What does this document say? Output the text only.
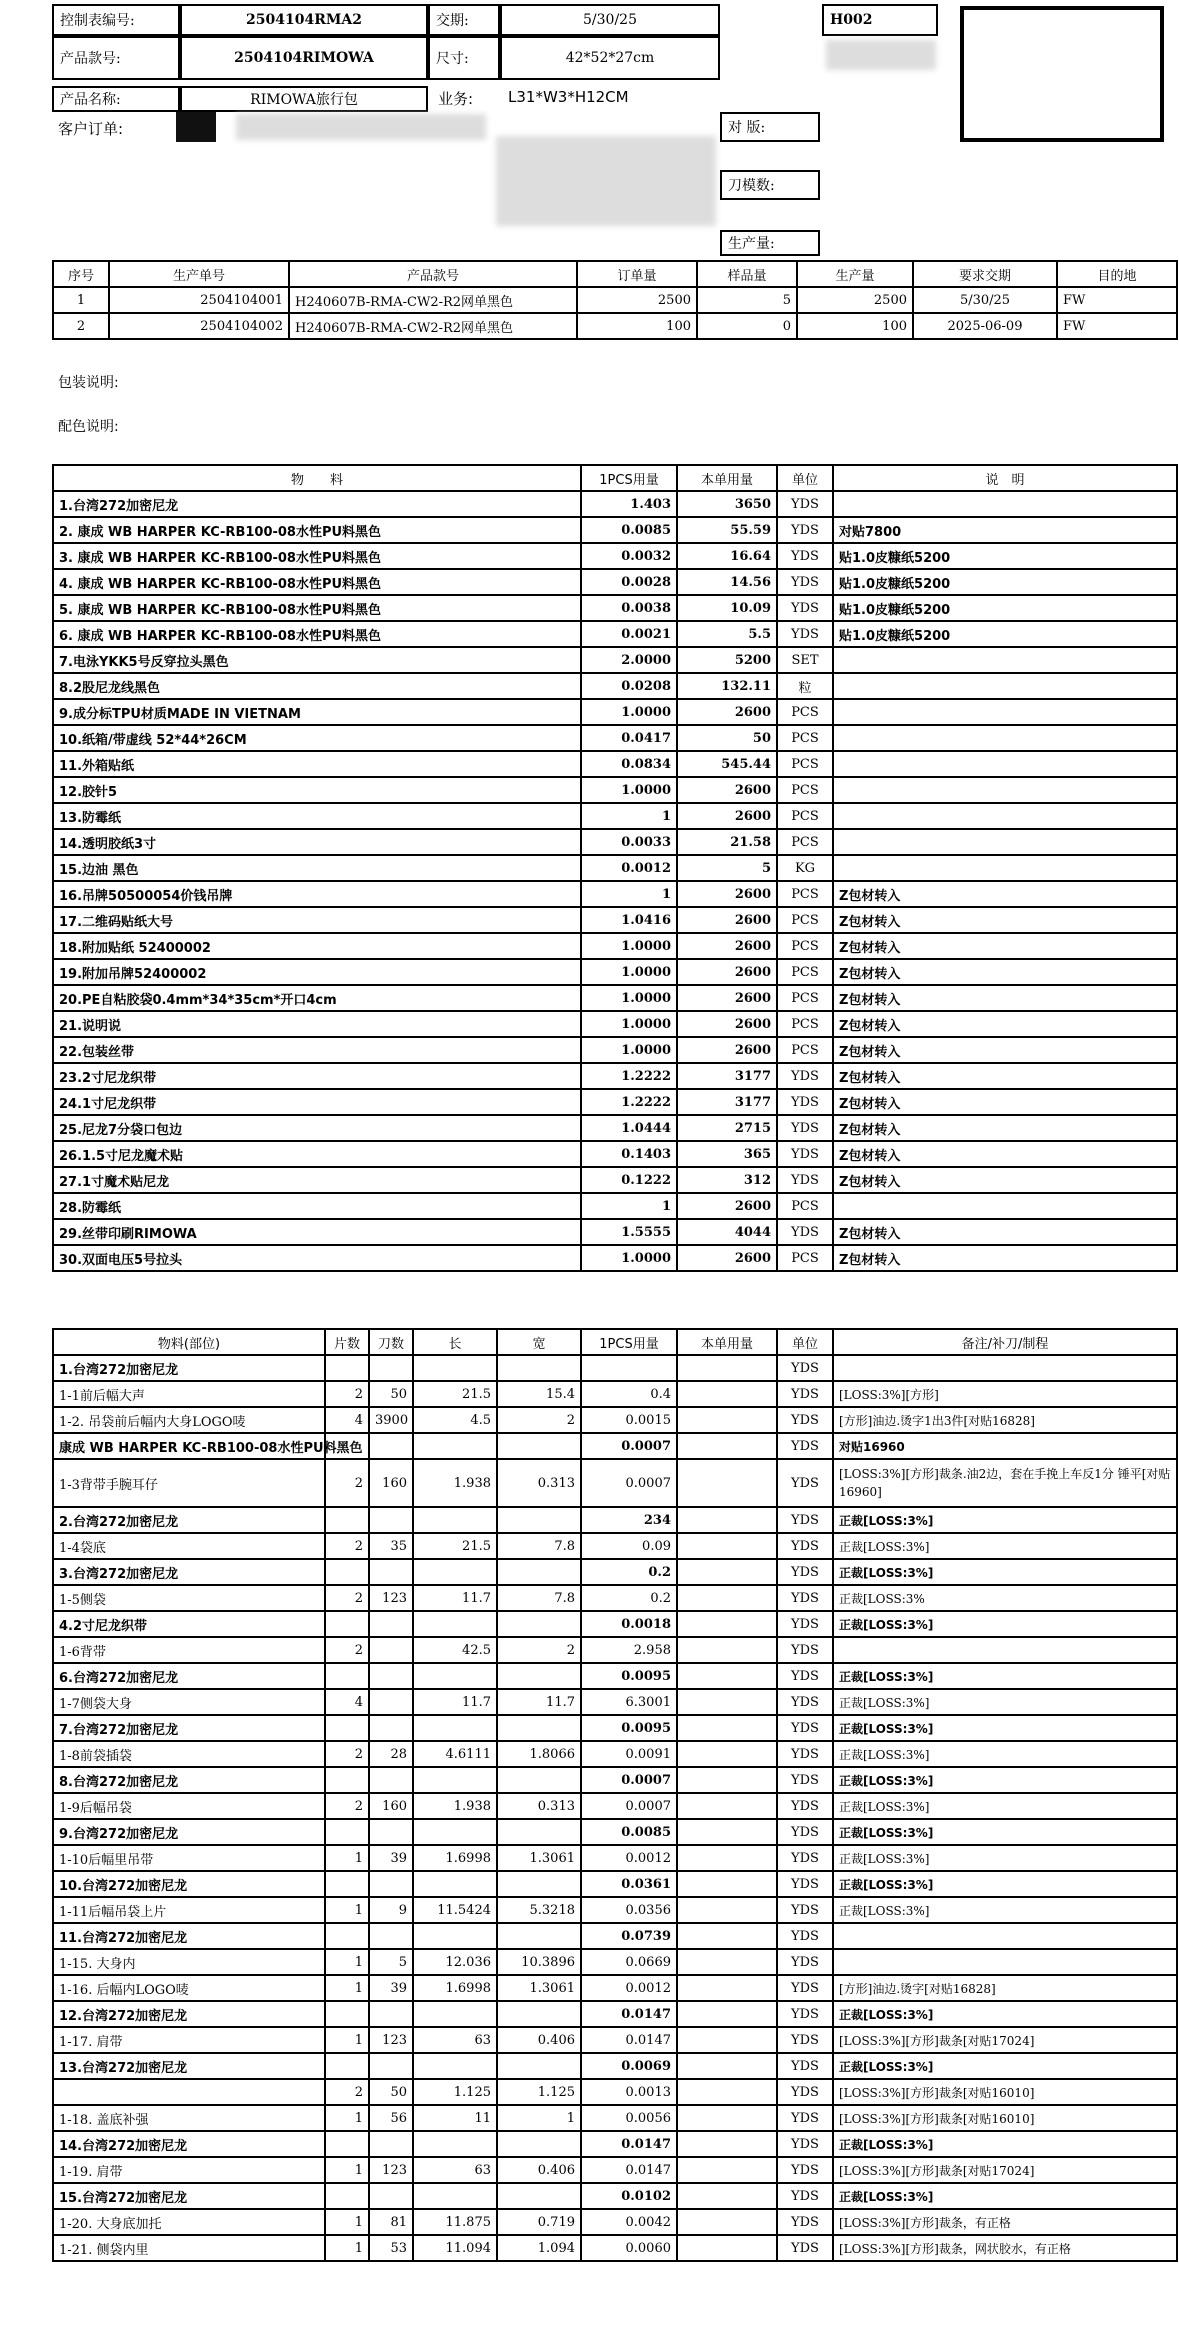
控制表编号:	2504104RMA2	交期:	5/30/25	H002
产品款号:	2504104RIMOWA	尺寸:	42*52*27cm
产品名称:	RIMOWA旅行包	业务: L31*W3*H12CM
客户订单:	对 版:
刀模数:
生产量:
序号	生产单号	产品款号	订单量	样品量	生产量	要求交期	目的地
1	2504104001	H240607B-RMA-CW2-R2网单黑色	2500	5	2500	5/30/25	FW
2	2504104002	H240607B-RMA-CW2-R2网单黑色	100	0	100	2025-06-09	FW
包装说明:
配色说明:
物　　料	1PCS用量	本单用量	单位	说　明
1.台湾272加密尼龙	1.403	3650	YDS	
2. 康成 WB HARPER KC-RB100-08水性PU料黑色	0.0085	55.59	YDS	对贴7800
3. 康成 WB HARPER KC-RB100-08水性PU料黑色	0.0032	16.64	YDS	贴1.0皮糠纸5200
4. 康成 WB HARPER KC-RB100-08水性PU料黑色	0.0028	14.56	YDS	贴1.0皮糠纸5200
5. 康成 WB HARPER KC-RB100-08水性PU料黑色	0.0038	10.09	YDS	贴1.0皮糠纸5200
6. 康成 WB HARPER KC-RB100-08水性PU料黑色	0.0021	5.5	YDS	贴1.0皮糠纸5200
7.电泳YKK5号反穿拉头黑色	2.0000	5200	SET	
8.2股尼龙线黑色	0.0208	132.11	粒	
9.成分标TPU材质MADE IN VIETNAM	1.0000	2600	PCS	
10.纸箱/带虚线 52*44*26CM	0.0417	50	PCS	
11.外箱贴纸	0.0834	545.44	PCS	
12.胶针5	1.0000	2600	PCS	
13.防霉纸	1	2600	PCS	
14.透明胶纸3寸	0.0033	21.58	PCS	
15.边油 黑色	0.0012	5	KG	
16.吊牌50500054价钱吊牌	1	2600	PCS	Z包材转入
17.二维码贴纸大号	1.0416	2600	PCS	Z包材转入
18.附加贴纸 52400002	1.0000	2600	PCS	Z包材转入
19.附加吊牌52400002	1.0000	2600	PCS	Z包材转入
20.PE自粘胶袋0.4mm*34*35cm*开口4cm	1.0000	2600	PCS	Z包材转入
21.说明说	1.0000	2600	PCS	Z包材转入
22.包装丝带	1.0000	2600	PCS	Z包材转入
23.2寸尼龙织带	1.2222	3177	YDS	Z包材转入
24.1寸尼龙织带	1.2222	3177	YDS	Z包材转入
25.尼龙7分袋口包边	1.0444	2715	YDS	Z包材转入
26.1.5寸尼龙魔术贴	0.1403	365	YDS	Z包材转入
27.1寸魔术贴尼龙	0.1222	312	YDS	Z包材转入
28.防霉纸	1	2600	PCS	
29.丝带印刷RIMOWA	1.5555	4044	YDS	Z包材转入
30.双面电压5号拉头	1.0000	2600	PCS	Z包材转入
物料(部位)	片数	刀数	长	宽	1PCS用量	本单用量	单位	备注/补刀/制程
1.台湾272加密尼龙							YDS	
1-1前后幅大声	2	50	21.5	15.4	0.4		YDS	[LOSS:3%][方形]
1-2. 吊袋前后幅内大身LOGO唛	4	3900	4.5	2	0.0015		YDS	[方形]油边.烫字1出3件[对贴16828]
康成 WB HARPER KC-RB100-08水性PU料黑色					0.0007		YDS	对贴16960
1-3背带手腕耳仔	2	160	1.938	0.313	0.0007		YDS	[LOSS:3%][方形]裁条.油2边，套在手挽上车反1分 锤平[对贴16960]
2.台湾272加密尼龙					234		YDS	正裁[LOSS:3%]
1-4袋底	2	35	21.5	7.8	0.09		YDS	正裁[LOSS:3%]
3.台湾272加密尼龙					0.2		YDS	正裁[LOSS:3%]
1-5侧袋	2	123	11.7	7.8	0.2		YDS	正裁[LOSS:3%
4.2寸尼龙织带					0.0018		YDS	正裁[LOSS:3%]
1-6背带	2		42.5	2	2.958		YDS	
6.台湾272加密尼龙					0.0095		YDS	正裁[LOSS:3%]
1-7侧袋大身	4		11.7	11.7	6.3001		YDS	正裁[LOSS:3%]
7.台湾272加密尼龙					0.0095		YDS	正裁[LOSS:3%]
1-8前袋插袋	2	28	4.6111	1.8066	0.0091		YDS	正裁[LOSS:3%]
8.台湾272加密尼龙					0.0007		YDS	正裁[LOSS:3%]
1-9后幅吊袋	2	160	1.938	0.313	0.0007		YDS	正裁[LOSS:3%]
9.台湾272加密尼龙					0.0085		YDS	正裁[LOSS:3%]
1-10后幅里吊带	1	39	1.6998	1.3061	0.0012		YDS	正裁[LOSS:3%]
10.台湾272加密尼龙					0.0361		YDS	正裁[LOSS:3%]
1-11后幅吊袋上片	1	9	11.5424	5.3218	0.0356		YDS	正裁[LOSS:3%]
11.台湾272加密尼龙					0.0739		YDS	
1-15. 大身内	1	5	12.036	10.3896	0.0669		YDS	
1-16. 后幅内LOGO唛	1	39	1.6998	1.3061	0.0012		YDS	[方形]油边.烫字[对贴16828]
12.台湾272加密尼龙					0.0147		YDS	正裁[LOSS:3%]
1-17. 肩带	1	123	63	0.406	0.0147		YDS	[LOSS:3%][方形]裁条[对贴17024]
13.台湾272加密尼龙					0.0069		YDS	正裁[LOSS:3%]
	2	50	1.125	1.125	0.0013		YDS	[LOSS:3%][方形]裁条[对贴16010]
1-18. 盖底补强	1	56	11	1	0.0056		YDS	[LOSS:3%][方形]裁条[对贴16010]
14.台湾272加密尼龙					0.0147		YDS	正裁[LOSS:3%]
1-19. 肩带	1	123	63	0.406	0.0147		YDS	[LOSS:3%][方形]裁条[对贴17024]
15.台湾272加密尼龙					0.0102		YDS	正裁[LOSS:3%]
1-20. 大身底加托	1	81	11.875	0.719	0.0042		YDS	[LOSS:3%][方形]裁条，有正格
1-21. 侧袋内里	1	53	11.094	1.094	0.0060		YDS	[LOSS:3%][方形]裁条，网状胶水，有正格
